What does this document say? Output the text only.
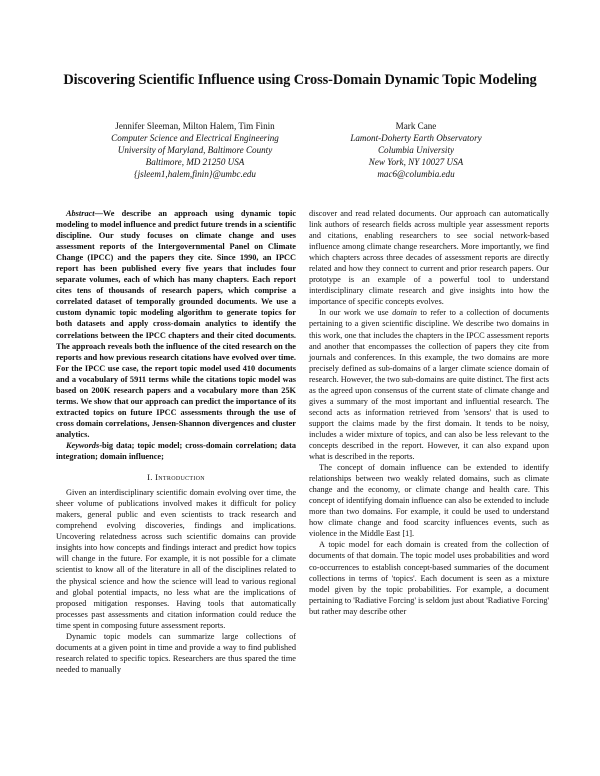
Discovering Scientific Influence using Cross-Domain Dynamic Topic Modeling
Jennifer Sleeman, Milton Halem, Tim Finin
Computer Science and Electrical Engineering
University of Maryland, Baltimore County
Baltimore, MD 21250 USA
{jsleem1,halem,finin}@umbc.edu
Mark Cane
Lamont-Doherty Earth Observatory
Columbia University
New York, NY 10027 USA
mac6@columbia.edu

Abstract—We describe an approach using dynamic topic modeling to model influence and predict future trends in a scientific discipline. Our study focuses on climate change and uses assessment reports of the Intergovernmental Panel on Climate Change (IPCC) and the papers they cite. Since 1990, an IPCC report has been published every five years that includes four separate volumes, each of which has many chapters. Each report cites tens of thousands of research papers, which comprise a correlated dataset of temporally grounded documents. We use a custom dynamic topic modeling algorithm to generate topics for both datasets and apply cross-domain analytics to identify the correlations between the IPCC chapters and their cited documents. The approach reveals both the influence of the cited research on the reports and how previous research citations have evolved over time. For the IPCC use case, the report topic model used 410 documents and a vocabulary of 5911 terms while the citations topic model was based on 200K research papers and a vocabulary more than 25K terms. We show that our approach can predict the importance of its extracted topics on future IPCC assessments through the use of cross domain correlations, Jensen-Shannon divergences and cluster analytics.

Keywords-big data; topic model; cross-domain correlation; data integration; domain influence;

I. Introduction

Given an interdisciplinary scientific domain evolving over time, the sheer volume of publications involved makes it difficult for policy makers, general public and even scientists to track research and comprehend evolving discoveries, findings and implications. Uncovering relatedness across such scientific domains can provide insights into how concepts and findings interact and predict how topics will change in the future. For example, it is not possible for a climate scientist to know all of the literature in all of the disciplines related to the physical science and how the science will lead to various regional and global potential impacts, no less what are the implications of proposed mitigation responses. Having tools that automatically processes past assessments and citation information could reduce the time spent in composing future assessment reports.

Dynamic topic models can summarize large collections of documents at a given point in time and provide a way to find published research related to specific topics. Researchers are thus spared the time needed to manually

discover and read related documents. Our approach can automatically link authors of research fields across multiple year assessment reports and citations, enabling researchers to see social network-based influence among climate change researchers. More importantly, we find which chapters across three decades of assessment reports are directly related and how they connect to current and prior research papers. Our prototype is an example of a powerful tool to understand interdisciplinary climate research and give insights into how the importance of specific concepts evolves.

In our work we use domain to refer to a collection of documents pertaining to a given scientific discipline. We describe two domains in this work, one that includes the chapters in the IPCC assessment reports and another that encompasses the collection of papers they cite from journals and conferences. In this example, the two domains are more precisely defined as sub-domains of a larger climate science domain of research. However, the two sub-domains are quite distinct. The first acts as the agreed upon consensus of the current state of climate change and gives a summary of the most important and influential research. The second acts as information retrieved from 'sensors' that is used to support the claims made by the first domain. It tends to be noisy, includes a wider mixture of topics, and can also be less relevant to the concepts described in the report. However, it can also expand upon what is described in the reports.

The concept of domain influence can be extended to identify relationships between two weakly related domains, such as climate change and the economy, or climate change and health care. This concept of identifying domain influence can also be extended to include more than two domains. For example, it could be used to understand how climate change and food scarcity influences events, such as violence in the Middle East [1].

A topic model for each domain is created from the collection of documents of that domain. The topic model uses probabilities and word co-occurrences to establish concept-based summaries of the document collections in terms of 'topics'. Each document is seen as a mixture model given by the topic probabilities. For example, a document pertaining to 'Radiative Forcing' is seldom just about 'Radiative Forcing' but rather may describe other
